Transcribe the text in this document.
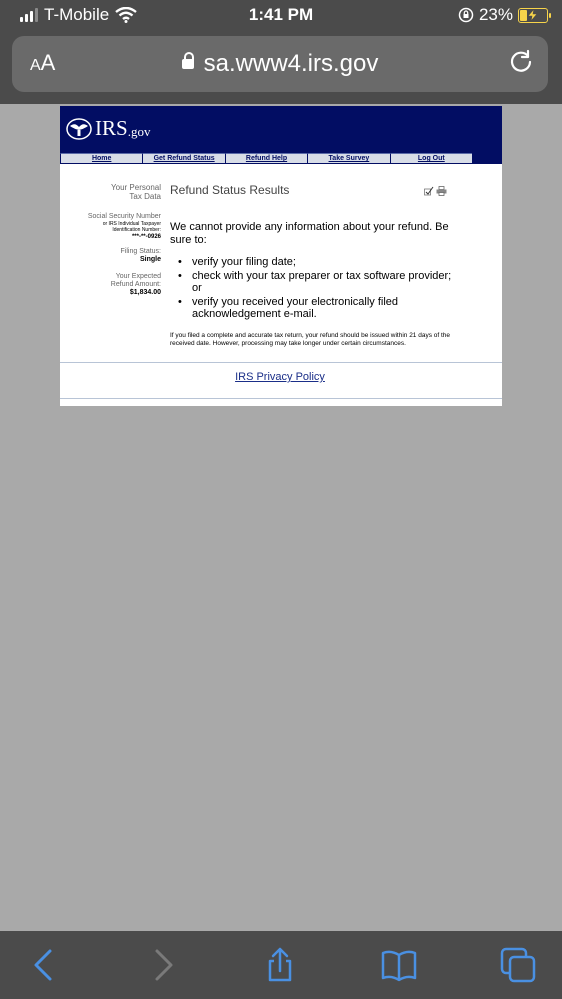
T-Mobile	1:41 PM	23%
AA	sa.www4.irs.gov
IRS .gov
Home	Get Refund Status	Refund Help	Take Survey	Log Out
Your Personal
Tax Data
Social Security Number
or IRS Individual Taxpayer
Identification Number:
***-**-0926
Filing Status:
Single
Your Expected
Refund Amount:
$1,834.00
Refund Status Results
We cannot provide any information about your refund. Be sure to:
• verify your filing date;
• check with your tax preparer or tax software provider; or
• verify you received your electronically filed acknowledgement e-mail.
If you filed a complete and accurate tax return, your refund should be issued within 21 days of the received date. However, processing may take longer under certain circumstances.
IRS Privacy Policy
